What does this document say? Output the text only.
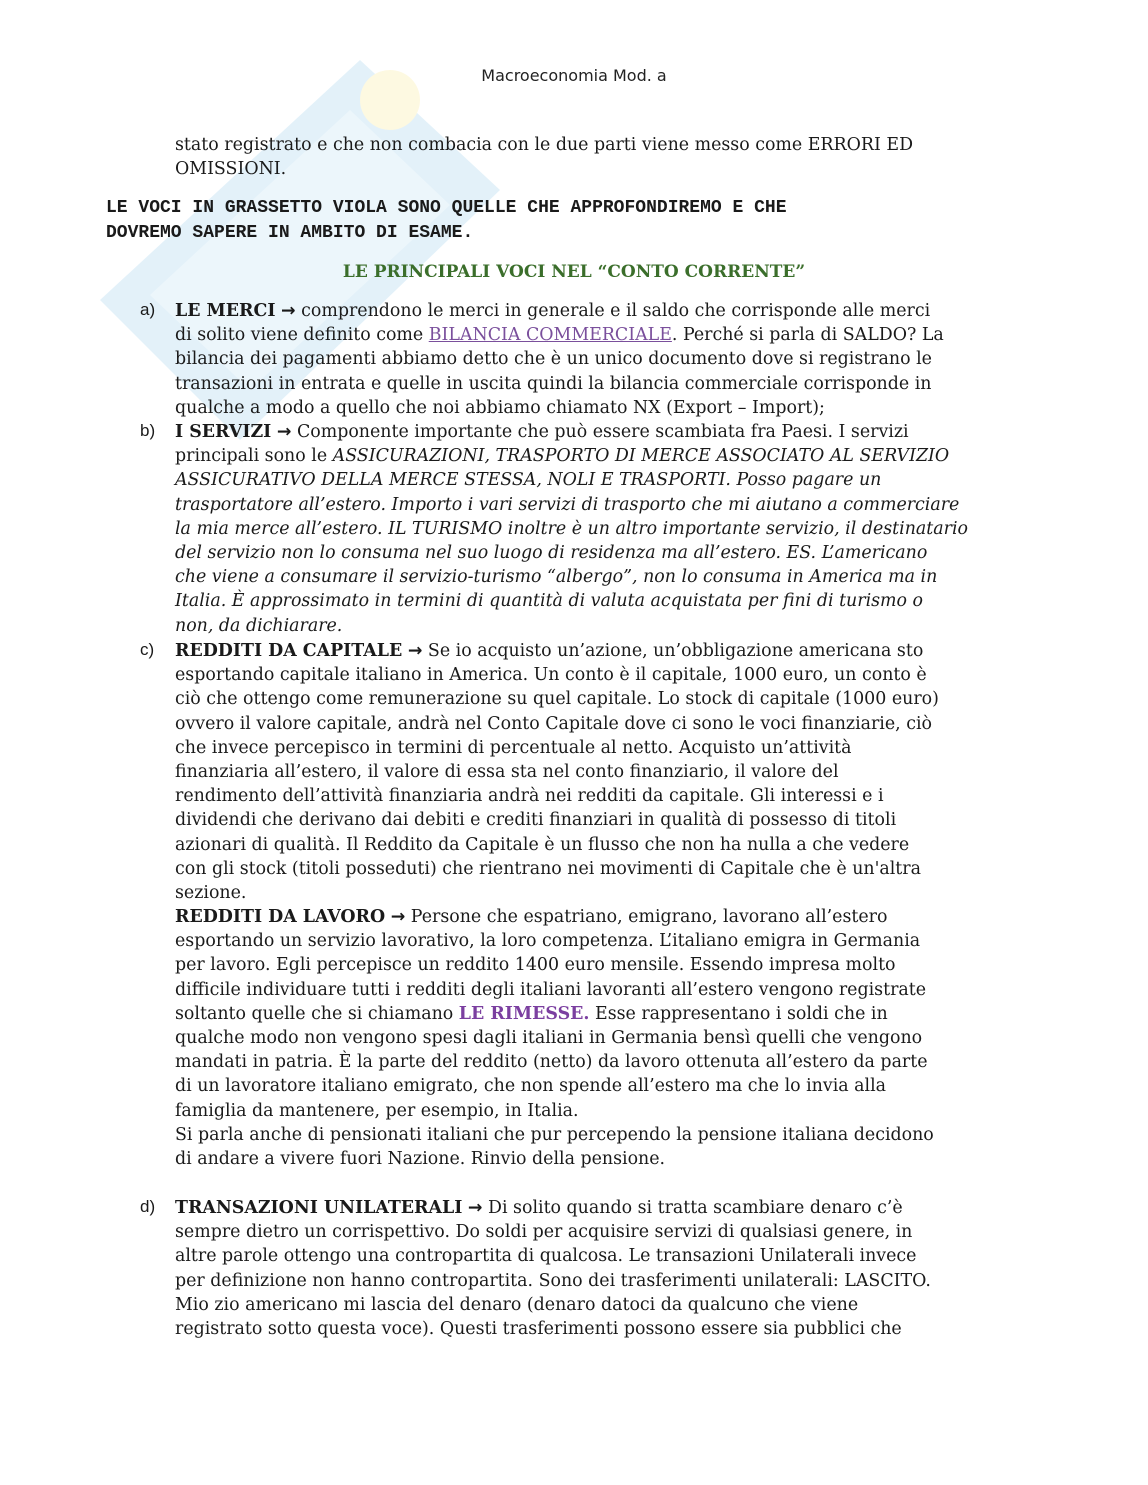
Macroeconomia Mod. a

stato registrato e che non combacia con le due parti viene messo come ERRORI ED
OMISSIONI.

LE VOCI IN GRASSETTO VIOLA SONO QUELLE CHE APPROFONDIREMO E CHE
DOVREMO SAPERE IN AMBITO DI ESAME.

LE PRINCIPALI VOCI NEL “CONTO CORRENTE”

a) LE MERCI → comprendono le merci in generale e il saldo che corrisponde alle merci
di solito viene definito come BILANCIA COMMERCIALE. Perché si parla di SALDO? La
bilancia dei pagamenti abbiamo detto che è un unico documento dove si registrano le
transazioni in entrata e quelle in uscita quindi la bilancia commerciale corrisponde in
qualche a modo a quello che noi abbiamo chiamato NX (Export – Import);

b) I SERVIZI → Componente importante che può essere scambiata fra Paesi. I servizi
principali sono le ASSICURAZIONI, TRASPORTO DI MERCE ASSOCIATO AL SERVIZIO
ASSICURATIVO DELLA MERCE STESSA, NOLI E TRASPORTI. Posso pagare un
trasportatore all’estero. Importo i vari servizi di trasporto che mi aiutano a commerciare
la mia merce all’estero. IL TURISMO inoltre è un altro importante servizio, il destinatario
del servizio non lo consuma nel suo luogo di residenza ma all’estero. ES. L’americano
che viene a consumare il servizio-turismo “albergo”, non lo consuma in America ma in
Italia. È approssimato in termini di quantità di valuta acquistata per fini di turismo o
non, da dichiarare.

c) REDDITI DA CAPITALE → Se io acquisto un’azione, un’obbligazione americana sto
esportando capitale italiano in America. Un conto è il capitale, 1000 euro, un conto è
ciò che ottengo come remunerazione su quel capitale. Lo stock di capitale (1000 euro)
ovvero il valore capitale, andrà nel Conto Capitale dove ci sono le voci finanziarie, ciò
che invece percepisco in termini di percentuale al netto. Acquisto un’attività
finanziaria all’estero, il valore di essa sta nel conto finanziario, il valore del
rendimento dell’attività finanziaria andrà nei redditi da capitale. Gli interessi e i
dividendi che derivano dai debiti e crediti finanziari in qualità di possesso di titoli
azionari di qualità. Il Reddito da Capitale è un flusso che non ha nulla a che vedere
con gli stock (titoli posseduti) che rientrano nei movimenti di Capitale che è un'altra
sezione.

REDDITI DA LAVORO → Persone che espatriano, emigrano, lavorano all’estero
esportando un servizio lavorativo, la loro competenza. L’italiano emigra in Germania
per lavoro. Egli percepisce un reddito 1400 euro mensile. Essendo impresa molto
difficile individuare tutti i redditi degli italiani lavoranti all’estero vengono registrate
soltanto quelle che si chiamano LE RIMESSE. Esse rappresentano i soldi che in
qualche modo non vengono spesi dagli italiani in Germania bensì quelli che vengono
mandati in patria. È la parte del reddito (netto) da lavoro ottenuta all’estero da parte
di un lavoratore italiano emigrato, che non spende all’estero ma che lo invia alla
famiglia da mantenere, per esempio, in Italia.
Si parla anche di pensionati italiani che pur percependo la pensione italiana decidono
di andare a vivere fuori Nazione. Rinvio della pensione.

d) TRANSAZIONI UNILATERALI → Di solito quando si tratta scambiare denaro c’è
sempre dietro un corrispettivo. Do soldi per acquisire servizi di qualsiasi genere, in
altre parole ottengo una contropartita di qualcosa. Le transazioni Unilaterali invece
per definizione non hanno contropartita. Sono dei trasferimenti unilaterali: LASCITO.
Mio zio americano mi lascia del denaro (denaro datoci da qualcuno che viene
registrato sotto questa voce). Questi trasferimenti possono essere sia pubblici che
